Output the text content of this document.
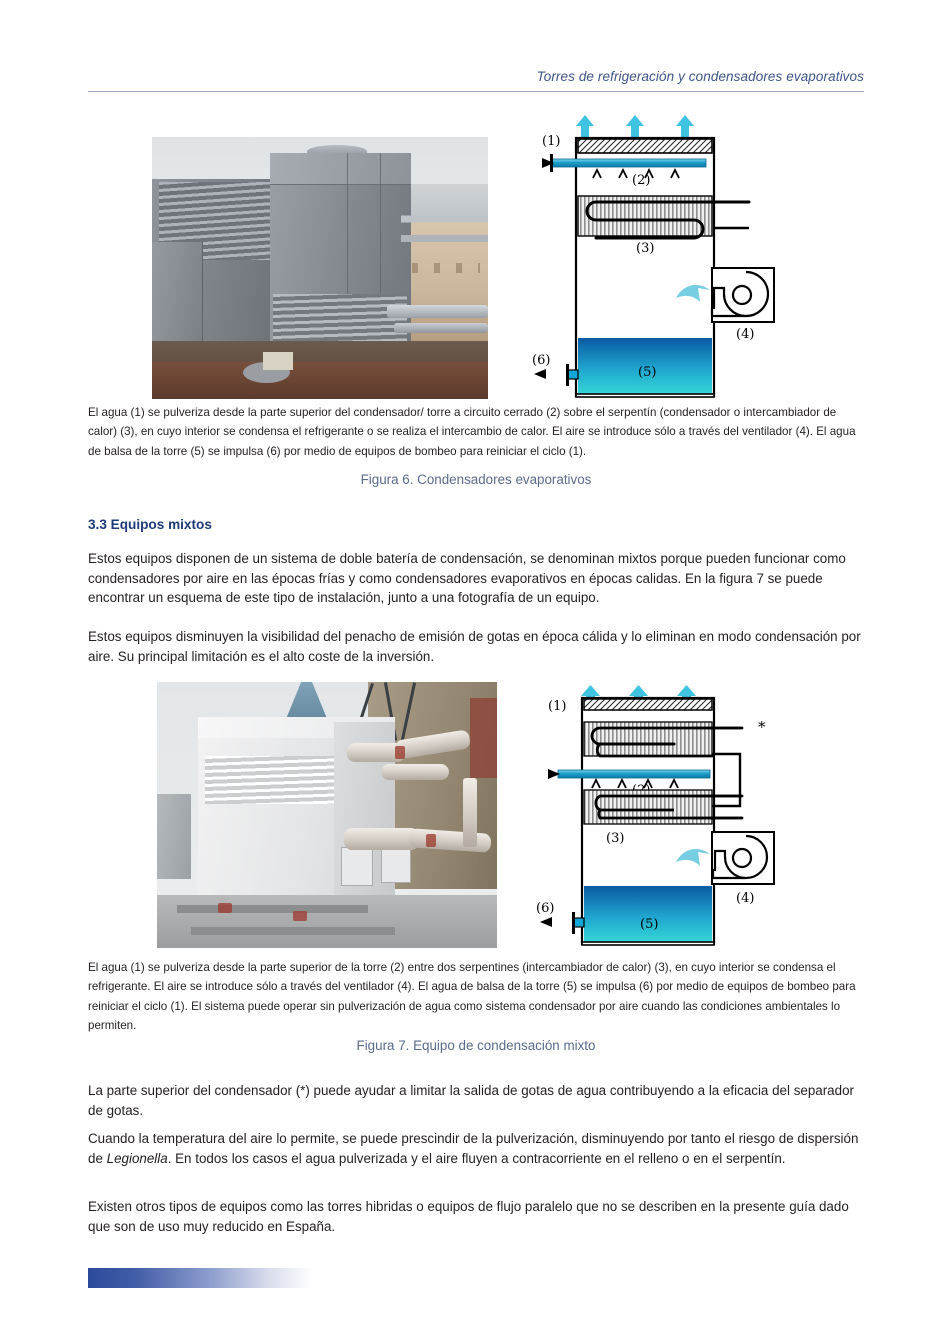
Torres de refrigeración y condensadores evaporativos
(3)
(1)
(2)
(4)
(5)
(6)
El agua (1) se pulveriza desde la parte superior del condensador/ torre a circuito cerrado (2) sobre el serpentín (condensador o intercambiador de calor) (3), en cuyo interior se condensa el refrigerante o se realiza el intercambio de calor. El aire se introduce sólo a través del ventilador (4). El agua de balsa de la torre (5) se impulsa (6) por medio de equipos de bombeo para reiniciar el ciclo (1).
Figura 6. Condensadores evaporativos
3.3 Equipos mixtos
Estos equipos disponen de un sistema de doble batería de condensación, se denominan mixtos porque pueden funcionar como condensadores por aire en las épocas frías y como condensadores evaporativos en épocas calidas. En la figura 7 se puede encontrar un esquema de este tipo de instalación, junto a una fotografía de un equipo.
Estos equipos disminuyen la visibilidad del penacho de emisión de gotas en época cálida y lo eliminan en modo condensación por aire. Su principal limitación es el alto coste de la inversión.
*
(3)
(1)
(4)
(5)
(6)
El agua (1) se pulveriza desde la parte superior de la torre (2) entre dos serpentines (intercambiador de calor) (3), en cuyo interior se condensa el refrigerante. El aire se introduce sólo a través del ventilador (4). El agua de balsa de la torre (5) se impulsa (6) por medio de equipos de bombeo para reiniciar el ciclo (1). El sistema puede operar sin pulverización de agua como sistema condensador por aire cuando las condiciones ambientales lo permiten.
Figura 7. Equipo de condensación mixto
La parte superior del condensador (*) puede ayudar a limitar la salida de gotas de agua contribuyendo a la eficacia del separador de gotas.
Cuando la temperatura del aire lo permite, se puede prescindir de la pulverización, disminuyendo por tanto el riesgo de dispersión de Legionella. En todos los casos el agua pulverizada y el aire fluyen a contracorriente en el relleno o en el serpentín.
Existen otros tipos de equipos como las torres hibridas o equipos de flujo paralelo que no se describen en la presente guía dado que son de uso muy reducido en España.
6
